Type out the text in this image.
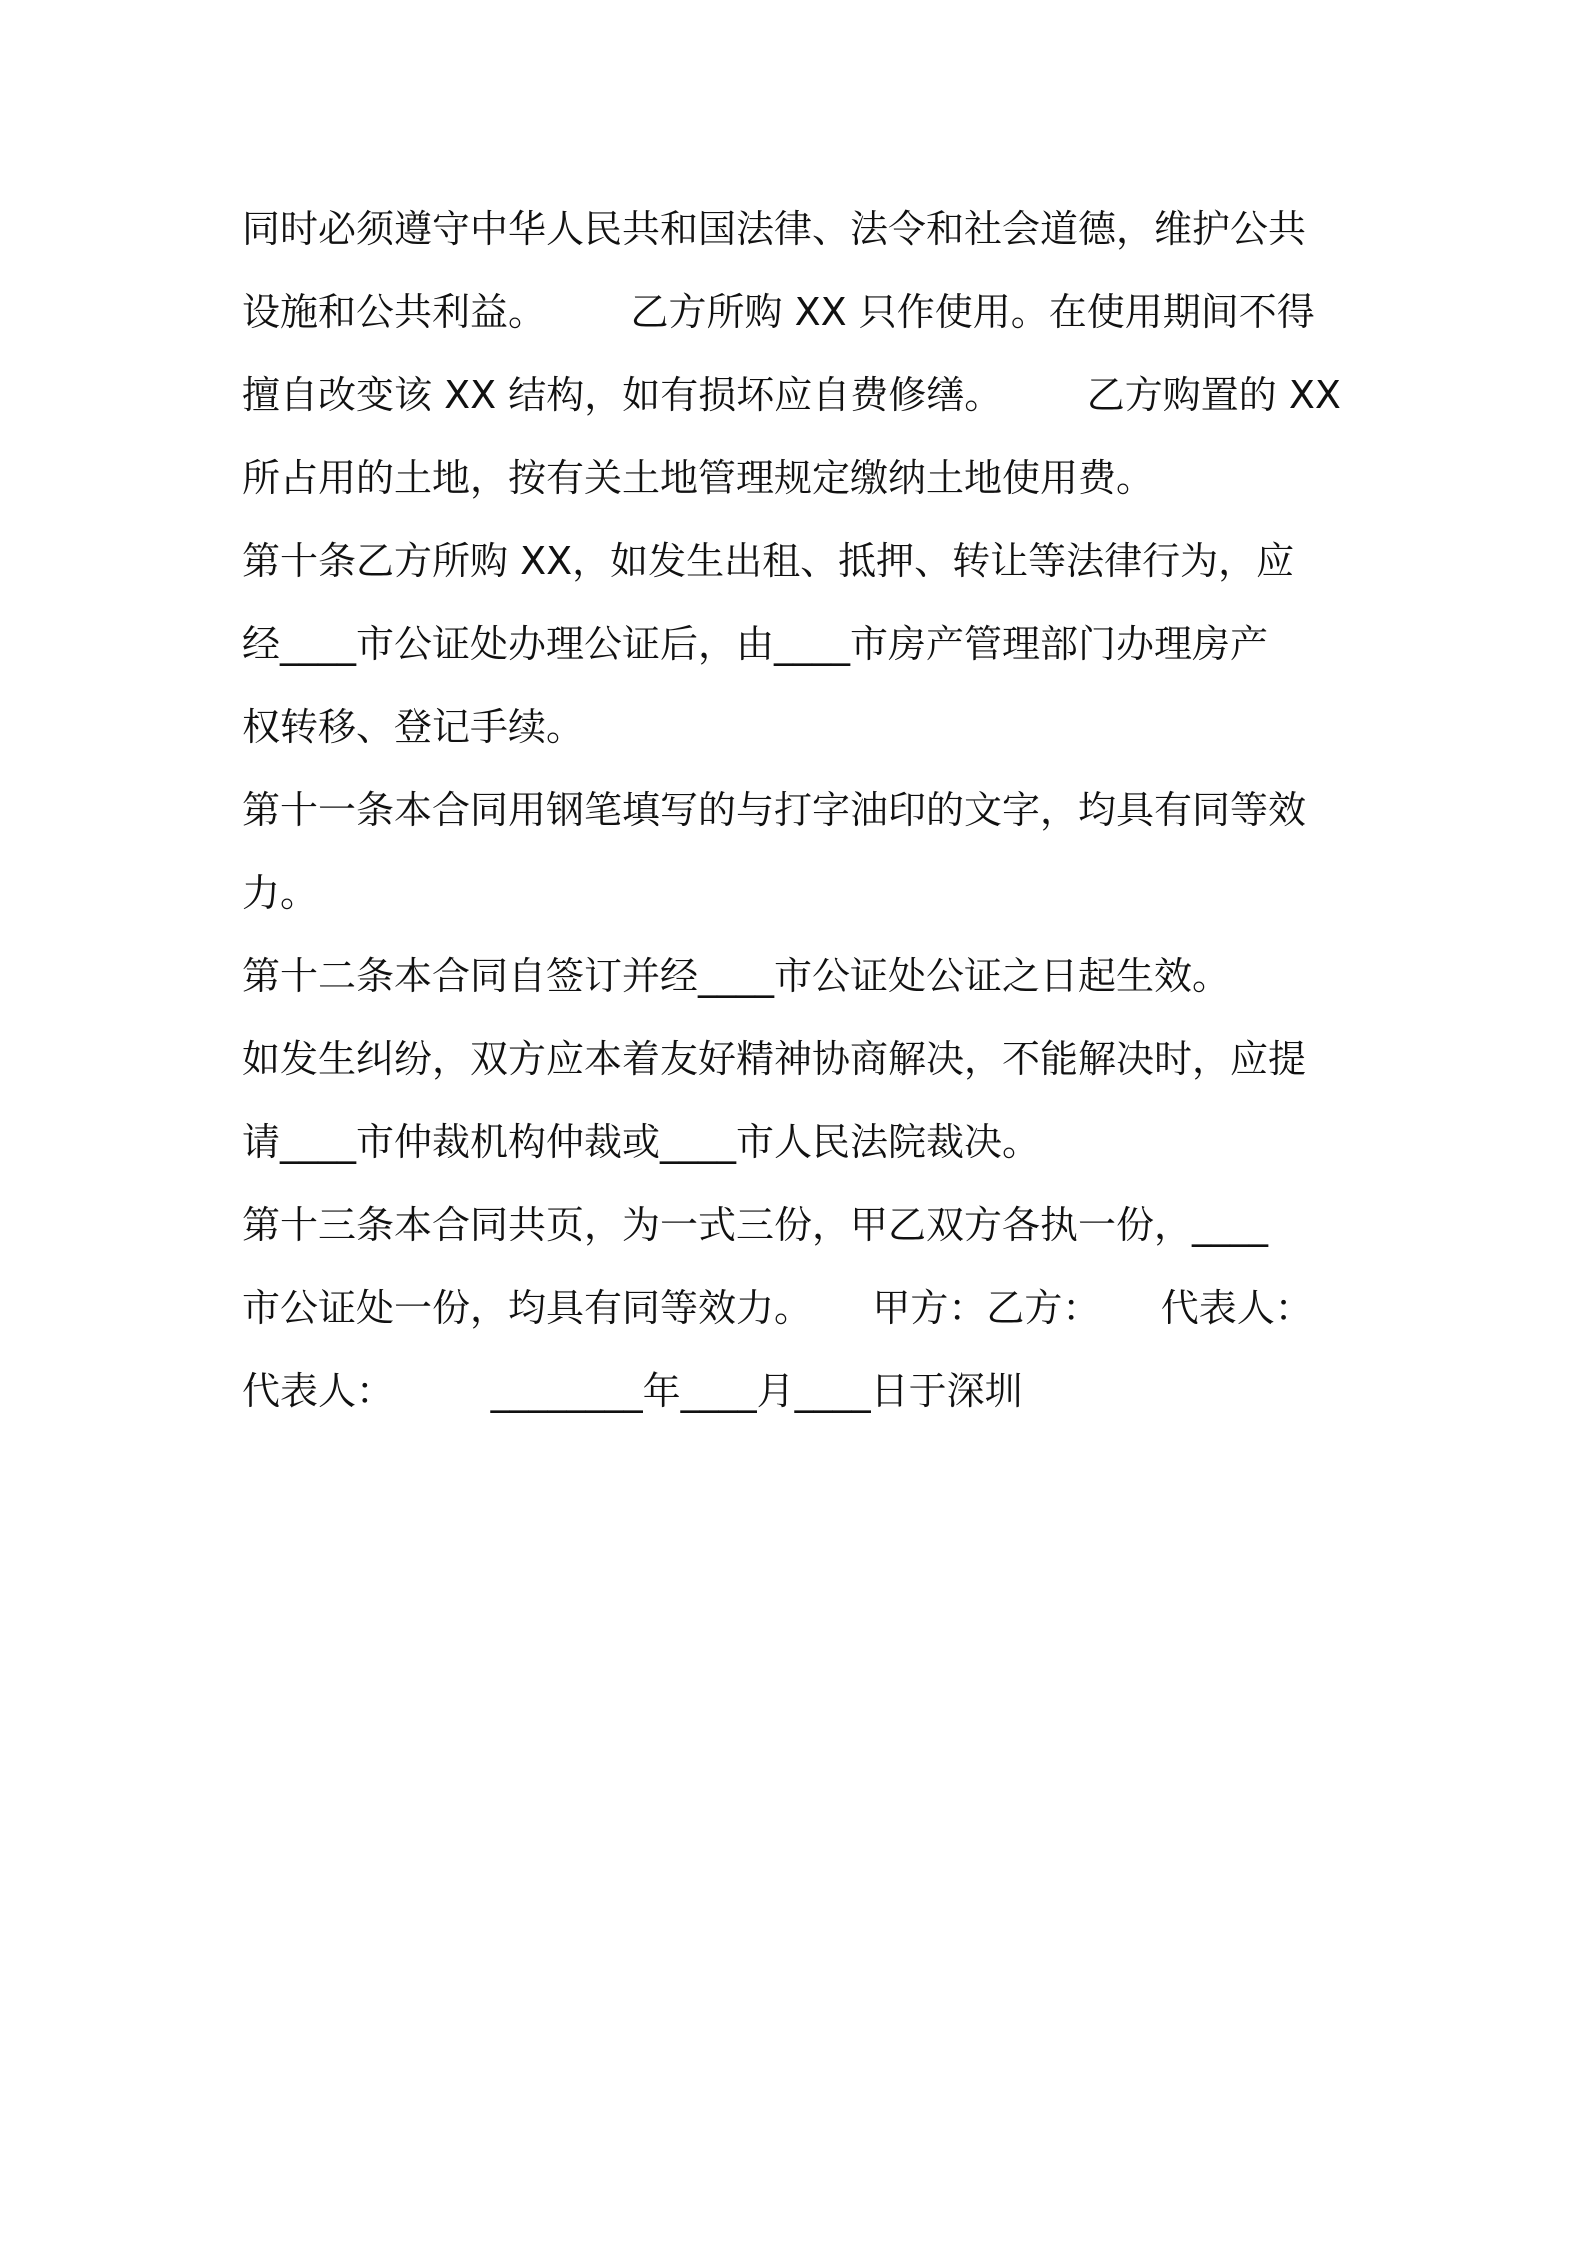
同时必须遵守中华人民共和国法律、法令和社会道德，维护公共
设施和公共利益。       乙方所购 XX 只作使用。在使用期间不得
擅自改变该 XX 结构，如有损坏应自费修缮。       乙方购置的 XX
所占用的土地，按有关土地管理规定缴纳土地使用费。
第十条乙方所购 XX，如发生出租、抵押、转让等法律行为，应
经____市公证处办理公证后，由____市房产管理部门办理房产
权转移、登记手续。
第十一条本合同用钢笔填写的与打字油印的文字，均具有同等效
力。
第十二条本合同自签订并经____市公证处公证之日起生效。
如发生纠纷，双方应本着友好精神协商解决，不能解决时，应提
请____市仲裁机构仲裁或____市人民法院裁决。
第十三条本合同共页，为一式三份，甲乙双方各执一份，____
市公证处一份，均具有同等效力。     甲方：乙方：     代表人：
代表人：        ________年____月____日于深圳
